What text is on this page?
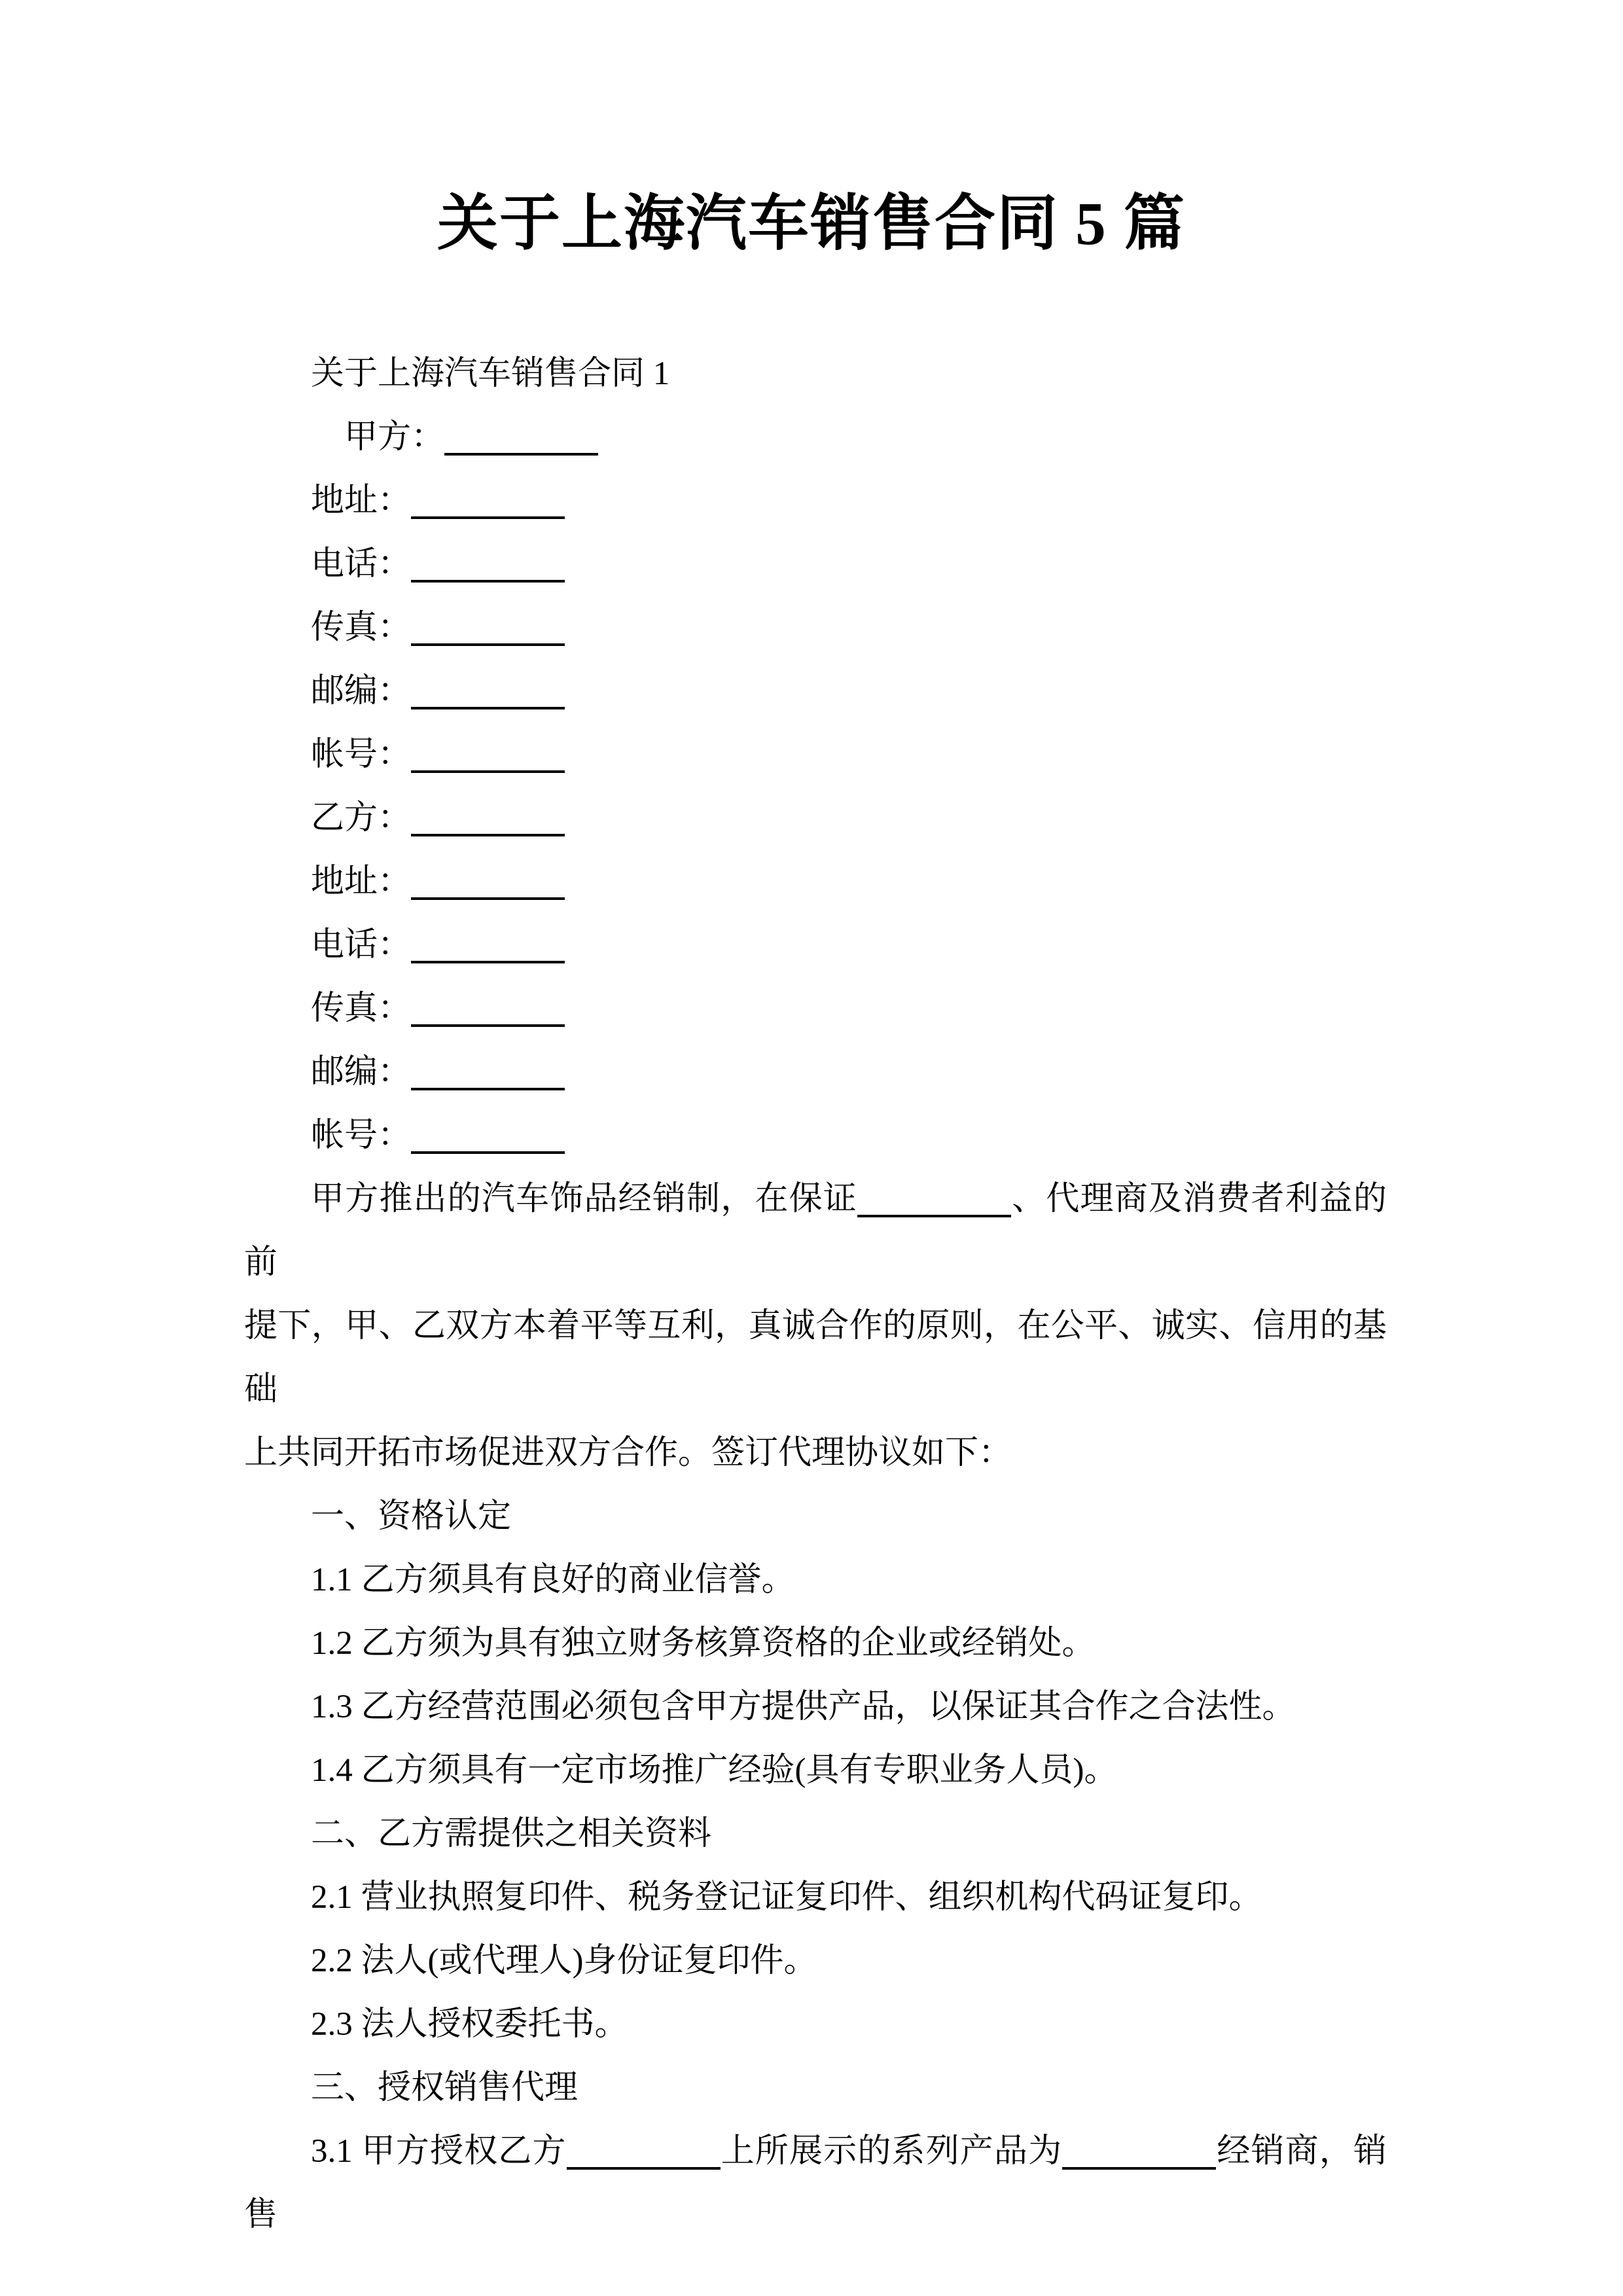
关于上海汽车销售合同 5 篇
关于上海汽车销售合同 1
甲方：
地址：
电话：
传真：
邮编：
帐号：
乙方：
地址：
电话：
传真：
邮编：
帐号：
甲方推出的汽车饰品经销制，在保证	、代理商及消费者利益的前
提下，甲、乙双方本着平等互利，真诚合作的原则，在公平、诚实、信用的基础
上共同开拓市场促进双方合作。签订代理协议如下：
一、资格认定
1.1 乙方须具有良好的商业信誉。
1.2 乙方须为具有独立财务核算资格的企业或经销处。
1.3 乙方经营范围必须包含甲方提供产品，以保证其合作之合法性。
1.4 乙方须具有一定市场推广经验(具有专职业务人员)。
二、乙方需提供之相关资料
2.1 营业执照复印件、税务登记证复印件、组织机构代码证复印。
2.2 法人(或代理人)身份证复印件。
2.3 法人授权委托书。
三、授权销售代理
3.1 甲方授权乙方	上所展示的系列产品为	经销商，销售
